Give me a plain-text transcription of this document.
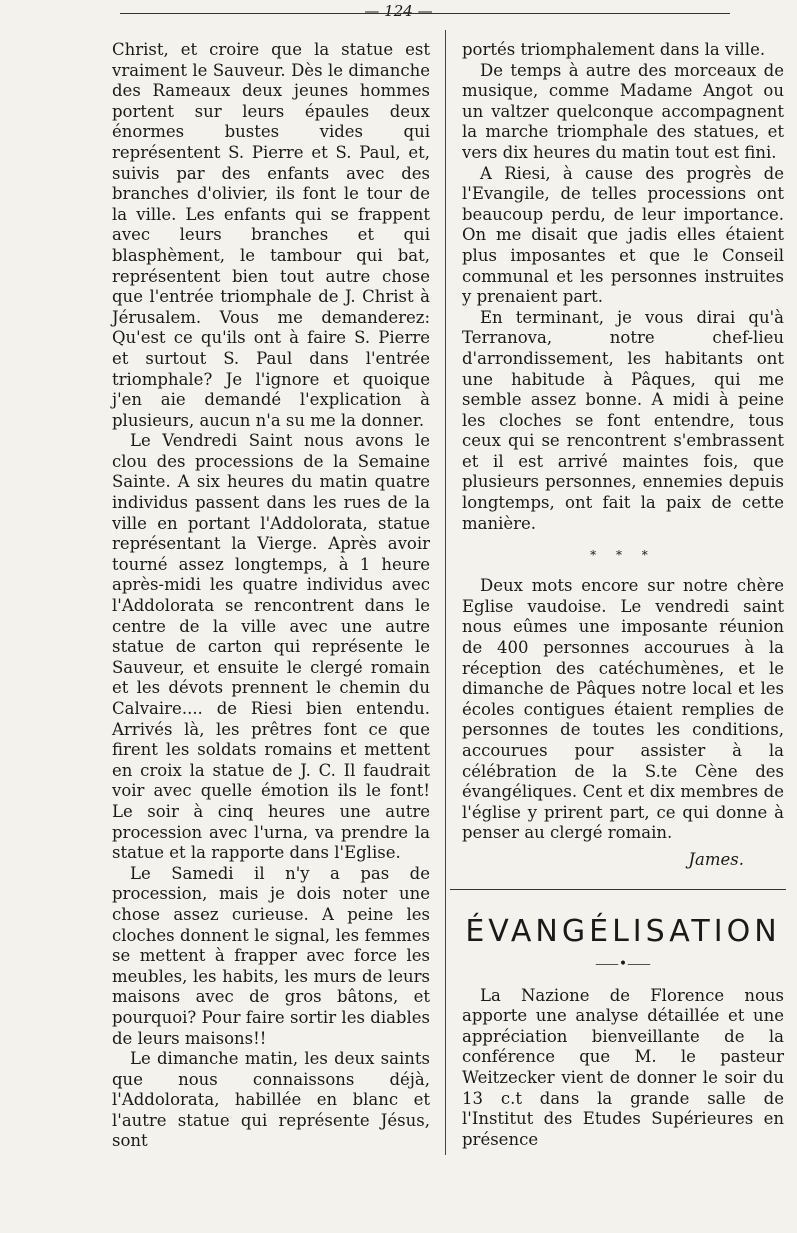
— 124 —

Christ, et croire que la statue est vraiment le Sauveur. Dès le dimanche des Rameaux deux jeunes hommes portent sur leurs épaules deux énormes bustes vides qui représentent S. Pierre et S. Paul, et, suivis par des enfants avec des branches d'olivier, ils font le tour de la ville. Les enfants qui se frappent avec leurs branches et qui blasphèment, le tambour qui bat, représentent bien tout autre chose que l'entrée triomphale de J. Christ à Jérusalem. Vous me demanderez: Qu'est ce qu'ils ont à faire S. Pierre et surtout S. Paul dans l'entrée triomphale? Je l'ignore et quoique j'en aie demandé l'explication à plusieurs, aucun n'a su me la donner.

Le Vendredi Saint nous avons le clou des processions de la Semaine Sainte. A six heures du matin quatre individus passent dans les rues de la ville en portant l'Addolorata, statue représentant la Vierge. Après avoir tourné assez longtemps, à 1 heure après-midi les quatre individus avec l'Addolorata se rencontrent dans le centre de la ville avec une autre statue de carton qui représente le Sauveur, et ensuite le clergé romain et les dévots prennent le chemin du Calvaire.... de Riesi bien entendu. Arrivés là, les prêtres font ce que firent les soldats romains et mettent en croix la statue de J. C. Il faudrait voir avec quelle émotion ils le font! Le soir à cinq heures une autre procession avec l'urna, va prendre la statue et la rapporte dans l'Eglise.

Le Samedi il n'y a pas de procession, mais je dois noter une chose assez curieuse. A peine les cloches donnent le signal, les femmes se mettent à frapper avec force les meubles, les habits, les murs de leurs maisons avec de gros bâtons, et pourquoi? Pour faire sortir les diables de leurs maisons!!

Le dimanche matin, les deux saints que nous connaissons déjà, l'Addolorata, habillée en blanc et l'autre statue qui représente Jésus, sont

portés triomphalement dans la ville.

De temps à autre des morceaux de musique, comme Madame Angot ou un valtzer quelconque accompagnent la marche triomphale des statues, et vers dix heures du matin tout est fini.

A Riesi, à cause des progrès de l'Evangile, de telles processions ont beaucoup perdu, de leur importance. On me disait que jadis elles étaient plus imposantes et que le Conseil communal et les personnes instruites y prenaient part.

En terminant, je vous dirai qu'à Terranova, notre chef-lieu d'arrondissement, les habitants ont une habitude à Pâques, qui me semble assez bonne. A midi à peine les cloches se font entendre, tous ceux qui se rencontrent s'embrassent et il est arrivé maintes fois, que plusieurs personnes, ennemies depuis longtemps, ont fait la paix de cette manière.

* * *

Deux mots encore sur notre chère Eglise vaudoise. Le vendredi saint nous eûmes une imposante réunion de 400 personnes accourues à la réception des catéchumènes, et le dimanche de Pâques notre local et les écoles contigues étaient remplies de personnes de toutes les conditions, accourues pour assister à la célébration de la S.te Cène des évangéliques. Cent et dix membres de l'église y prirent part, ce qui donne à penser au clergé romain.

James.
ÉVANGÉLISATION
⸺•⸺

La Nazione de Florence nous apporte une analyse détaillée et une appréciation bienveillante de la conférence que M. le pasteur Weitzecker vient de donner le soir du 13 c.t dans la grande salle de l'Institut des Etudes Supérieures en présence
